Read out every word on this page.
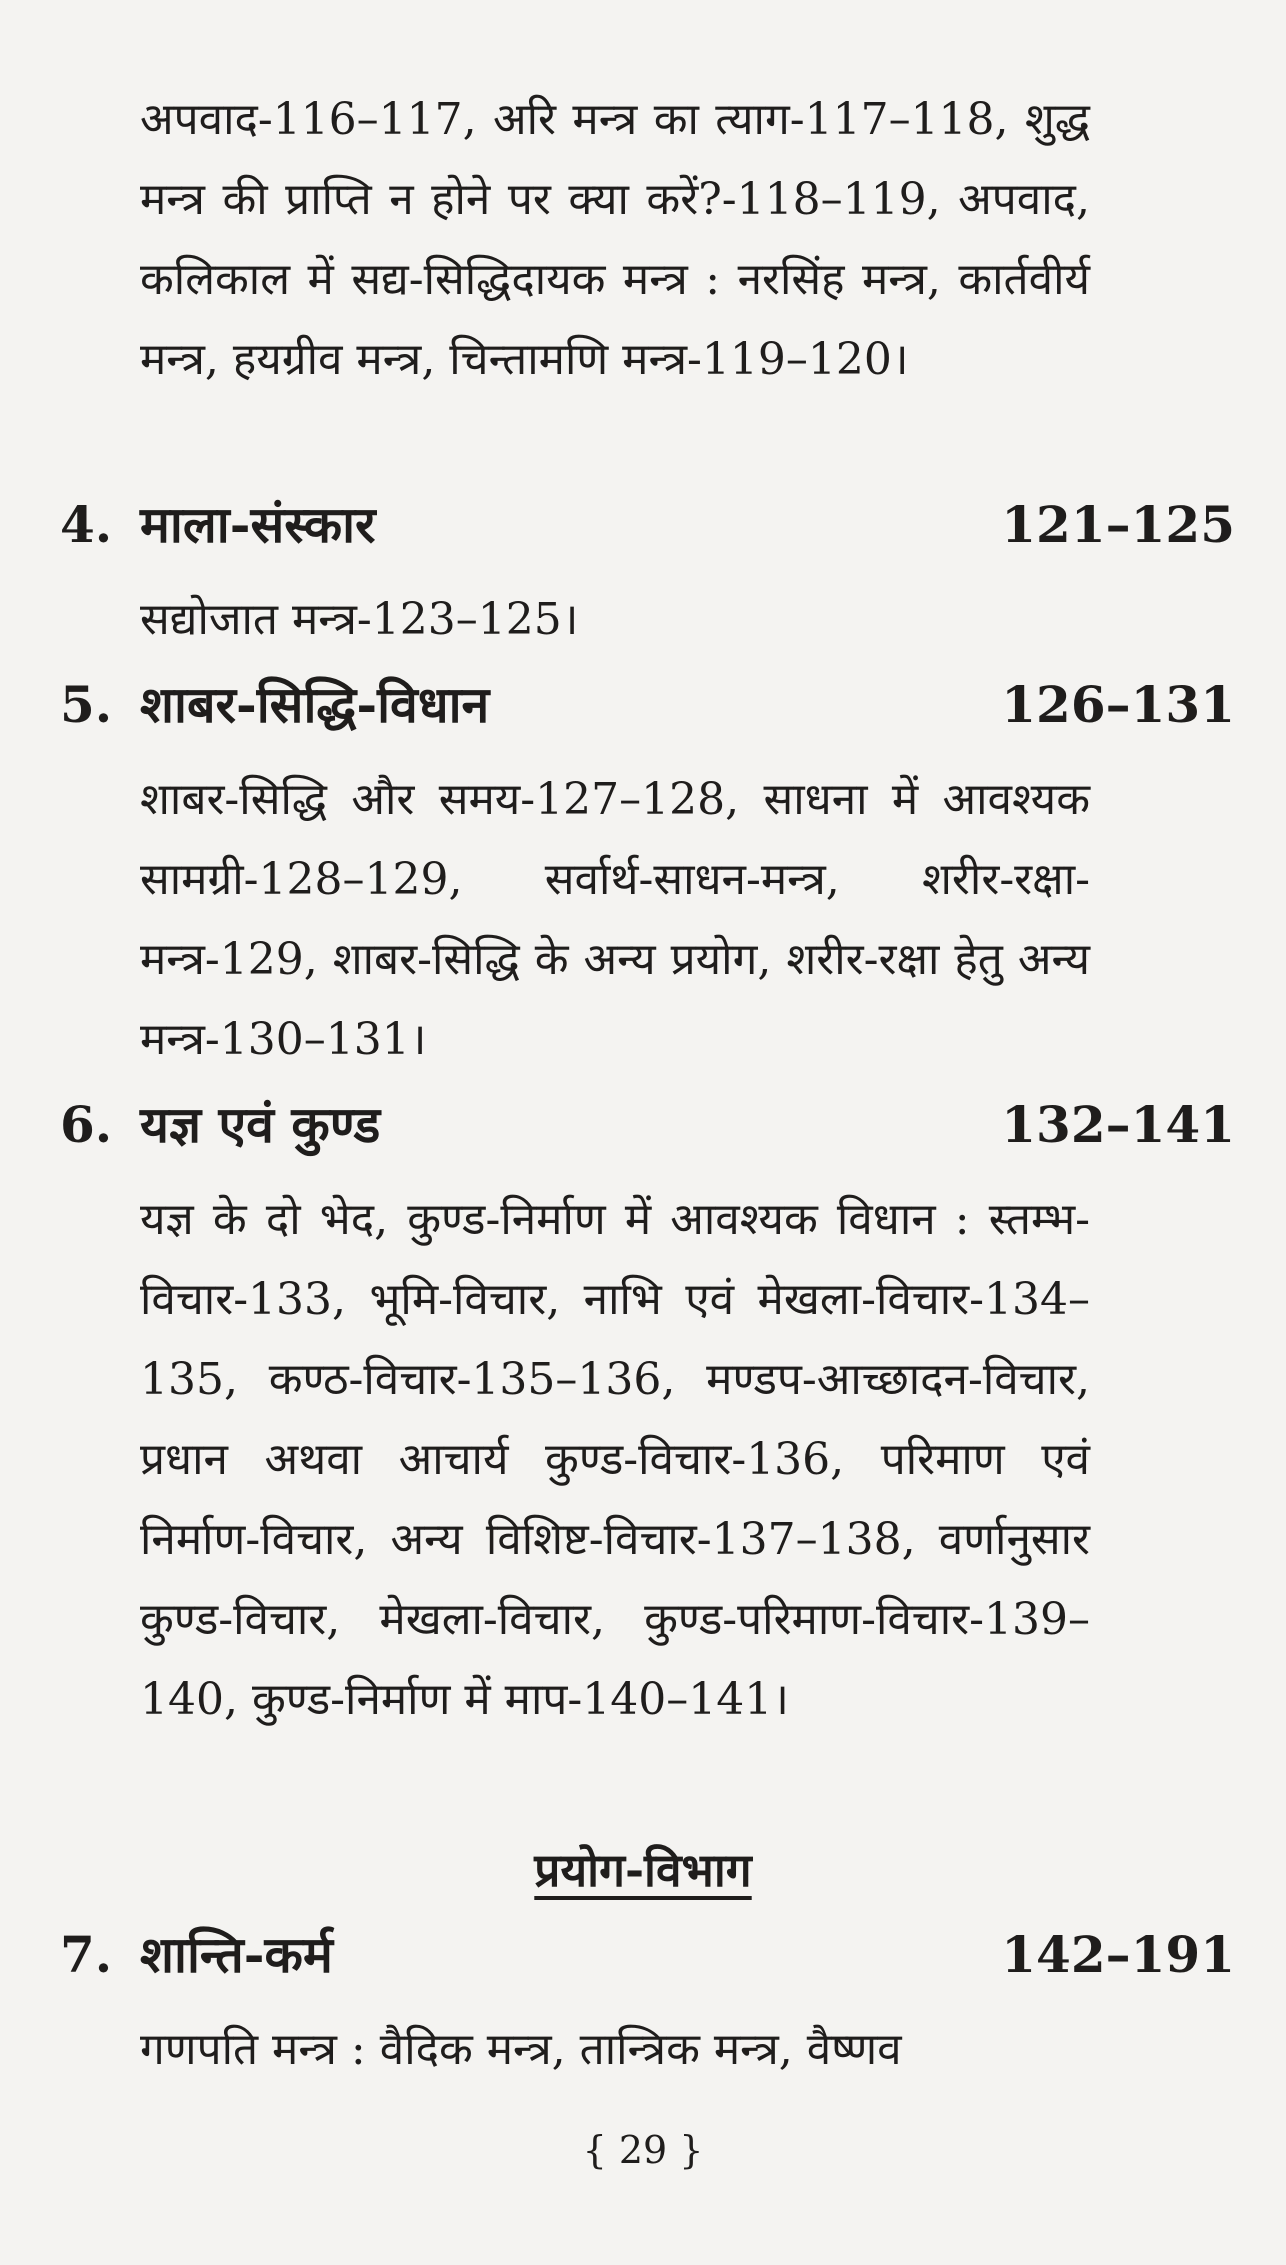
अपवाद-116–117, अरि मन्त्र का त्याग-117–118, शुद्ध मन्त्र की प्राप्ति न होने पर क्या करें?-118–119, अपवाद, कलिकाल में सद्य-सिद्धिदायक मन्त्र : नरसिंह मन्त्र, कार्तवीर्य मन्त्र, हयग्रीव मन्त्र, चिन्तामणि मन्त्र-119–120।

4. माला-संस्कार	121–125

सद्योजात मन्त्र-123–125।

5. शाबर-सिद्धि-विधान	126–131

शाबर-सिद्धि और समय-127–128, साधना में आवश्यक सामग्री-128–129, सर्वार्थ-साधन-मन्त्र, शरीर-रक्षा-मन्त्र-129, शाबर-सिद्धि के अन्य प्रयोग, शरीर-रक्षा हेतु अन्य मन्त्र-130–131।

6. यज्ञ एवं कुण्ड	132–141

यज्ञ के दो भेद, कुण्ड-निर्माण में आवश्यक विधान : स्तम्भ-विचार-133, भूमि-विचार, नाभि एवं मेखला-विचार-134–135, कण्ठ-विचार-135–136, मण्डप-आच्छादन-विचार, प्रधान अथवा आचार्य कुण्ड-विचार-136, परिमाण एवं निर्माण-विचार, अन्य विशिष्ट-विचार-137–138, वर्णानुसार कुण्ड-विचार, मेखला-विचार, कुण्ड-परिमाण-विचार-139–140, कुण्ड-निर्माण में माप-140–141।

प्रयोग-विभाग
7. शान्ति-कर्म	142–191

गणपति मन्त्र : वैदिक मन्त्र, तान्त्रिक मन्त्र, वैष्णव

{ 29 }
